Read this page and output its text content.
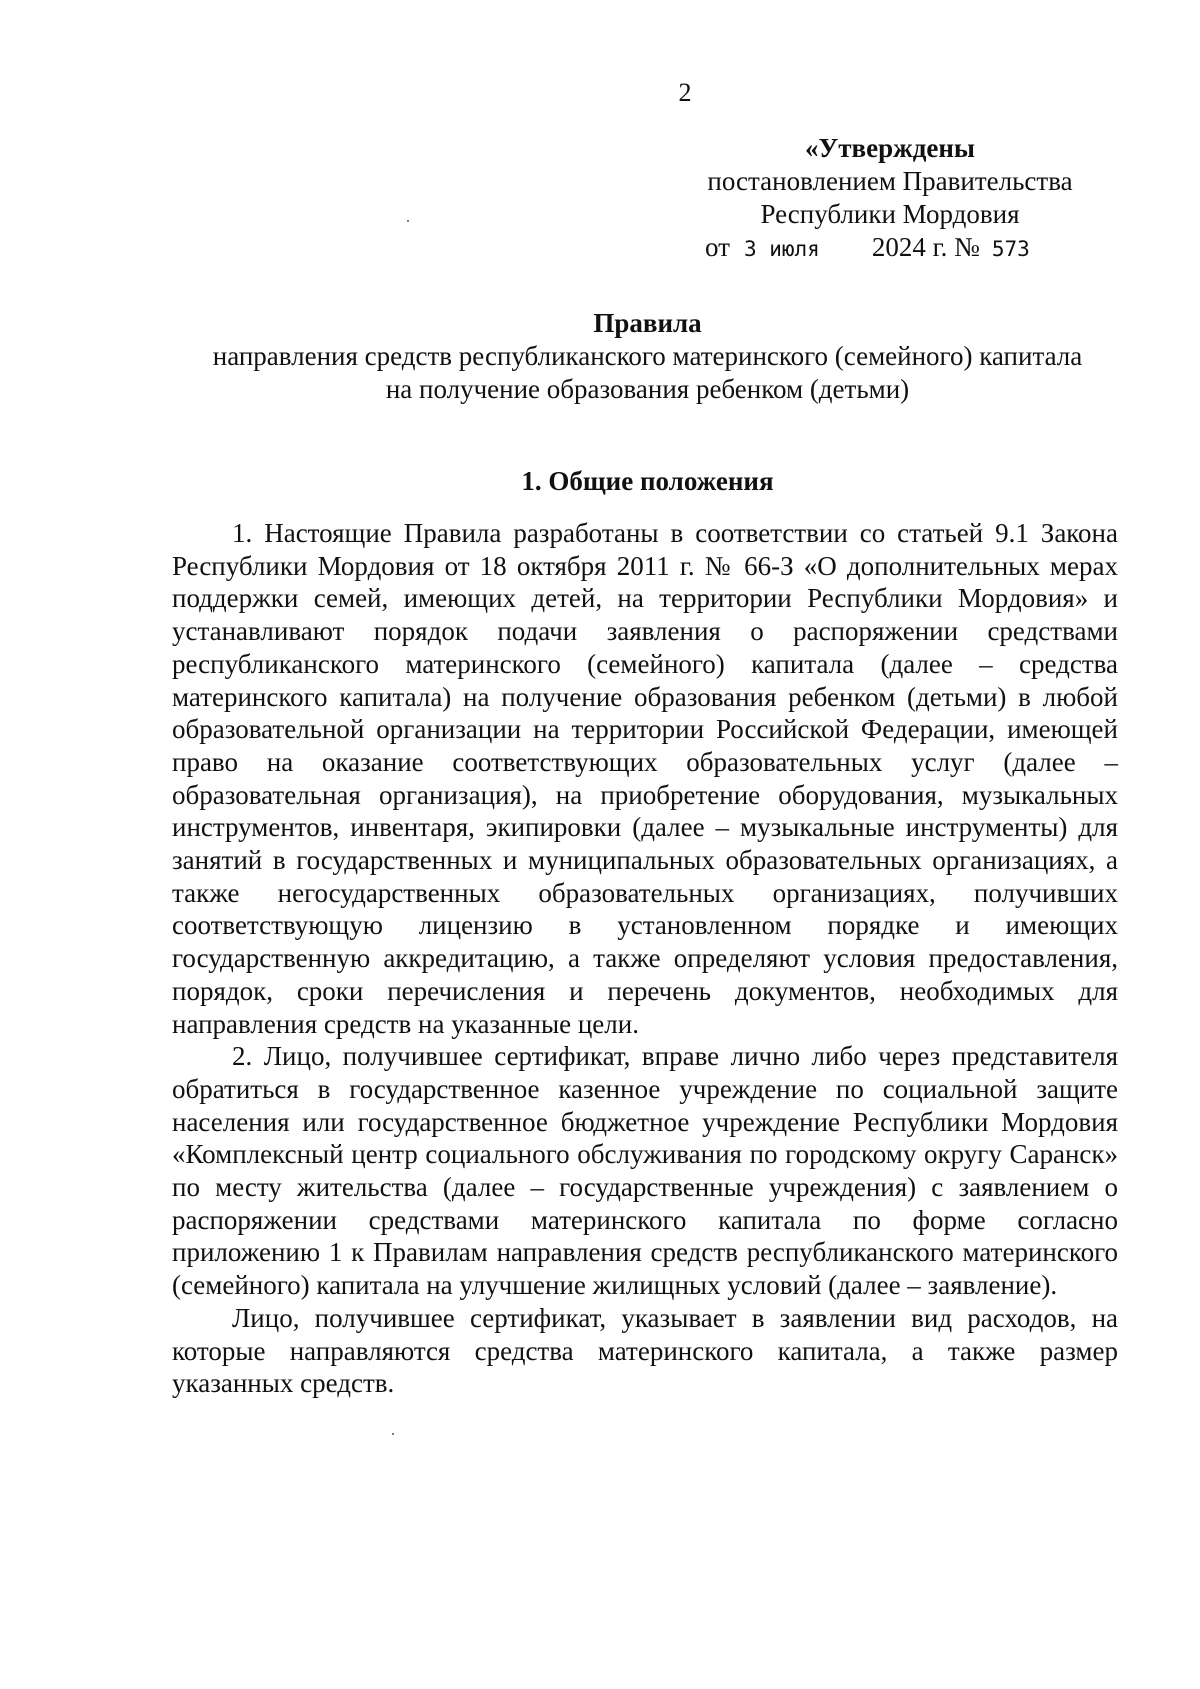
2
«Утверждены
постановлением Правительства
Республики Мордовия
от 3 июля 2024 г. № 573
Правила
направления средств республиканского материнского (семейного) капитала
на получение образования ребенком (детьми)
1. Общие положения

1. Настоящие Правила разработаны в соответствии со статьей 9.1 Закона Республики Мордовия от 18 октября 2011 г. № 66-З «О дополнительных мерах поддержки семей, имеющих детей, на территории Республики Мордовия» и устанавливают порядок подачи заявления о распоряжении средствами республиканского материнского (семейного) капитала (далее – средства материнского капитала) на получение образования ребенком (детьми) в любой образовательной организации на территории Российской Федерации, имеющей право на оказание соответствующих образовательных услуг (далее – образовательная организация), на приобретение оборудования, музыкальных инструментов, инвентаря, экипировки (далее – музыкальные инструменты) для занятий в государственных и муниципальных образовательных организациях, а также негосударственных образовательных организациях, получивших соответствующую лицензию в установленном порядке и имеющих государственную аккредитацию, а также определяют условия предоставления, порядок, сроки перечисления и перечень документов, необходимых для направления средств на указанные цели.

2. Лицо, получившее сертификат, вправе лично либо через представителя обратиться в государственное казенное учреждение по социальной защите населения или государственное бюджетное учреждение Республики Мордовия «Комплексный центр социального обслуживания по городскому округу Саранск» по месту жительства (далее – государственные учреждения) с заявлением о распоряжении средствами материнского капитала по форме согласно приложению 1 к Правилам направления средств республиканского материнского (семейного) капитала на улучшение жилищных условий (далее – заявление).

Лицо, получившее сертификат, указывает в заявлении вид расходов, на которые направляются средства материнского капитала, а также размер указанных средств.
